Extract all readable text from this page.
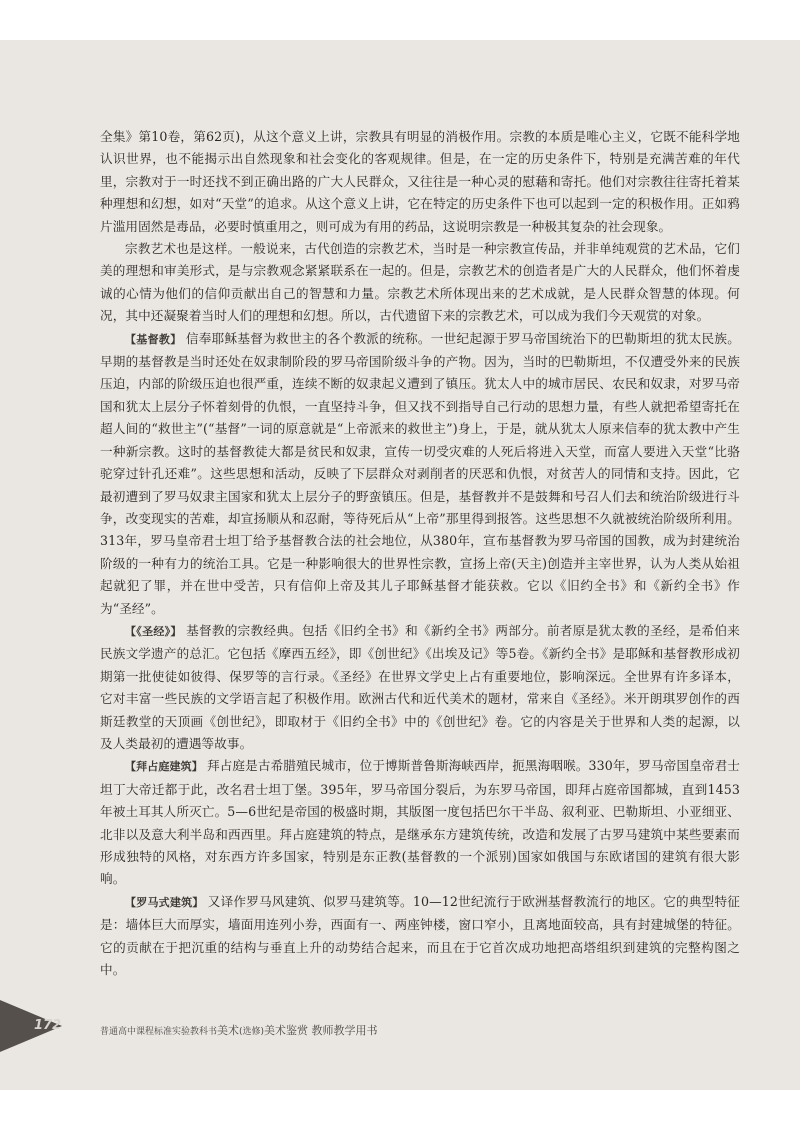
全集》第10卷，第62页)，从这个意义上讲，宗教具有明显的消极作用。宗教的本质是唯心主义，它既不能科学地认识世界，也不能揭示出自然现象和社会变化的客观规律。但是，在一定的历史条件下，特别是充满苦难的年代里，宗教对于一时还找不到正确出路的广大人民群众，又往往是一种心灵的慰藉和寄托。他们对宗教往往寄托着某种理想和幻想，如对“天堂”的追求。从这个意义上讲，它在特定的历史条件下也可以起到一定的积极作用。正如鸦片滥用固然是毒品，必要时慎重用之，则可成为有用的药品，这说明宗教是一种极其复杂的社会现象。

宗教艺术也是这样。一般说来，古代创造的宗教艺术，当时是一种宗教宣传品，并非单纯观赏的艺术品，它们美的理想和审美形式，是与宗教观念紧紧联系在一起的。但是，宗教艺术的创造者是广大的人民群众，他们怀着虔诚的心情为他们的信仰贡献出自己的智慧和力量。宗教艺术所体现出来的艺术成就，是人民群众智慧的体现。何况，其中还凝聚着当时人们的理想和幻想。所以，古代遗留下来的宗教艺术，可以成为我们今天观赏的对象。

【基督教】 信奉耶稣基督为救世主的各个教派的统称。一世纪起源于罗马帝国统治下的巴勒斯坦的犹太民族。早期的基督教是当时还处在奴隶制阶段的罗马帝国阶级斗争的产物。因为，当时的巴勒斯坦，不仅遭受外来的民族压迫，内部的阶级压迫也很严重，连续不断的奴隶起义遭到了镇压。犹太人中的城市居民、农民和奴隶，对罗马帝国和犹太上层分子怀着刻骨的仇恨，一直坚持斗争，但又找不到指导自己行动的思想力量，有些人就把希望寄托在超人间的“救世主”(“基督”一词的原意就是“上帝派来的救世主”)身上，于是，就从犹太人原来信奉的犹太教中产生一种新宗教。这时的基督教徒大都是贫民和奴隶，宣传一切受灾难的人死后将进入天堂，而富人要进入天堂“比骆驼穿过针孔还难”。这些思想和活动，反映了下层群众对剥削者的厌恶和仇恨，对贫苦人的同情和支持。因此，它最初遭到了罗马奴隶主国家和犹太上层分子的野蛮镇压。但是，基督教并不是鼓舞和号召人们去和统治阶级进行斗争，改变现实的苦难，却宣扬顺从和忍耐，等待死后从“上帝”那里得到报答。这些思想不久就被统治阶级所利用。313年，罗马皇帝君士坦丁给予基督教合法的社会地位，从380年，宣布基督教为罗马帝国的国教，成为封建统治阶级的一种有力的统治工具。它是一种影响很大的世界性宗教，宣扬上帝(天主)创造并主宰世界，认为人类从始祖起就犯了罪，并在世中受苦，只有信仰上帝及其儿子耶稣基督才能获救。它以《旧约全书》和《新约全书》作为“圣经”。

【《圣经》】 基督教的宗教经典。包括《旧约全书》和《新约全书》两部分。前者原是犹太教的圣经，是希伯来民族文学遗产的总汇。它包括《摩西五经》，即《创世纪》《出埃及记》等5卷。《新约全书》是耶稣和基督教形成初期第一批使徒如彼得、保罗等的言行录。《圣经》在世界文学史上占有重要地位，影响深远。全世界有许多译本，它对丰富一些民族的文学语言起了积极作用。欧洲古代和近代美术的题材，常来自《圣经》。米开朗琪罗创作的西斯廷教堂的天顶画《创世纪》，即取材于《旧约全书》中的《创世纪》卷。它的内容是关于世界和人类的起源，以及人类最初的遭遇等故事。

【拜占庭建筑】 拜占庭是古希腊殖民城市，位于博斯普鲁斯海峡西岸，扼黑海咽喉。330年，罗马帝国皇帝君士坦丁大帝迁都于此，改名君士坦丁堡。395年，罗马帝国分裂后，为东罗马帝国，即拜占庭帝国都城，直到1453年被土耳其人所灭亡。5—6世纪是帝国的极盛时期，其版图一度包括巴尔干半岛、叙利亚、巴勒斯坦、小亚细亚、北非以及意大利半岛和西西里。拜占庭建筑的特点，是继承东方建筑传统，改造和发展了古罗马建筑中某些要素而形成独特的风格，对东西方许多国家，特别是东正教(基督教的一个派别)国家如俄国与东欧诸国的建筑有很大影响。

【罗马式建筑】 又译作罗马风建筑、似罗马建筑等。10—12世纪流行于欧洲基督教流行的地区。它的典型特征是：墙体巨大而厚实，墙面用连列小券，西面有一、两座钟楼，窗口窄小，且离地面较高，具有封建城堡的特征。它的贡献在于把沉重的结构与垂直上升的动势结合起来，而且在于它首次成功地把高塔组织到建筑的完整构图之中。

172	普通高中课程标准实验教科书美术(选修)美术鉴赏 教师教学用书
